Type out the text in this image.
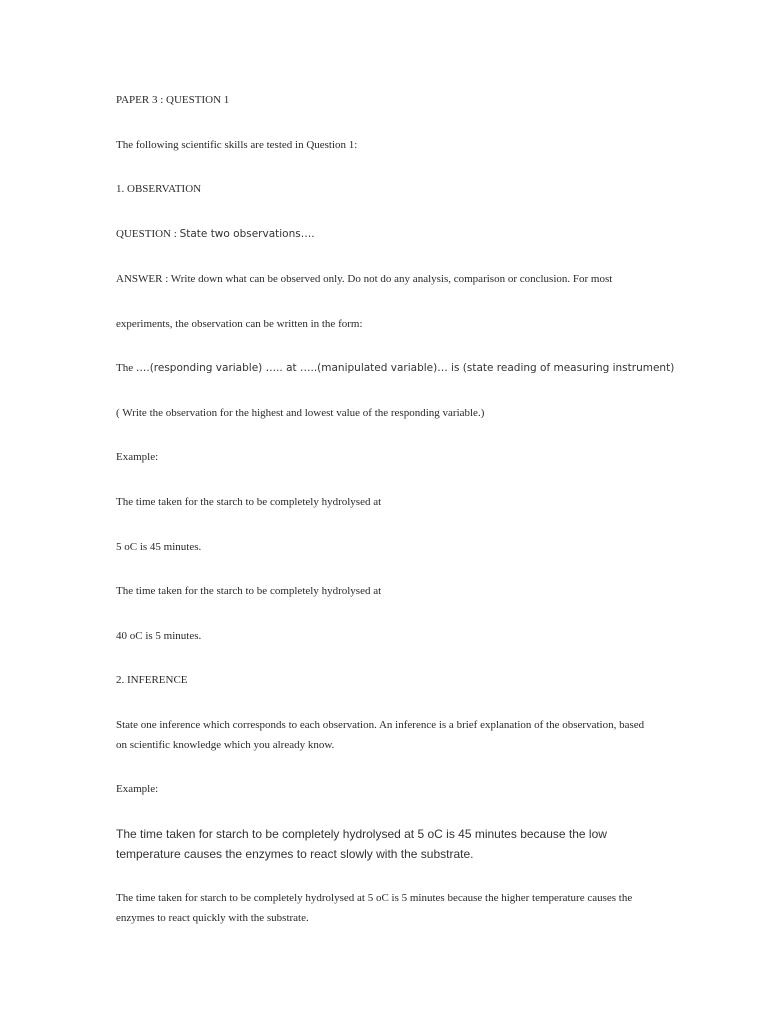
PAPER 3 : QUESTION 1
The following scientific skills are tested in Question 1:
1. OBSERVATION
QUESTION : State two observations….
ANSWER : Write down what can be observed only. Do not do any analysis, comparison or conclusion. For most
experiments, the observation can be written in the form:
The ….(responding variable) ….. at …..(manipulated variable)… is (state reading of measuring instrument)
( Write the observation for the highest and lowest value of the responding variable.)
Example:
The time taken for the starch to be completely hydrolysed at
5 oC is 45 minutes.
The time taken for the starch to be completely hydrolysed at
40 oC is 5 minutes.
2. INFERENCE
State one inference which corresponds to each observation. An inference is a brief explanation of the observation, based on scientific knowledge which you already know.
Example:
The time taken for starch to be completely hydrolysed at 5 oC is 45 minutes because the low temperature causes the enzymes to react slowly with the substrate.
The time taken for starch to be completely hydrolysed at 5 oC is 5 minutes because the higher temperature causes the enzymes to react quickly with the substrate.
